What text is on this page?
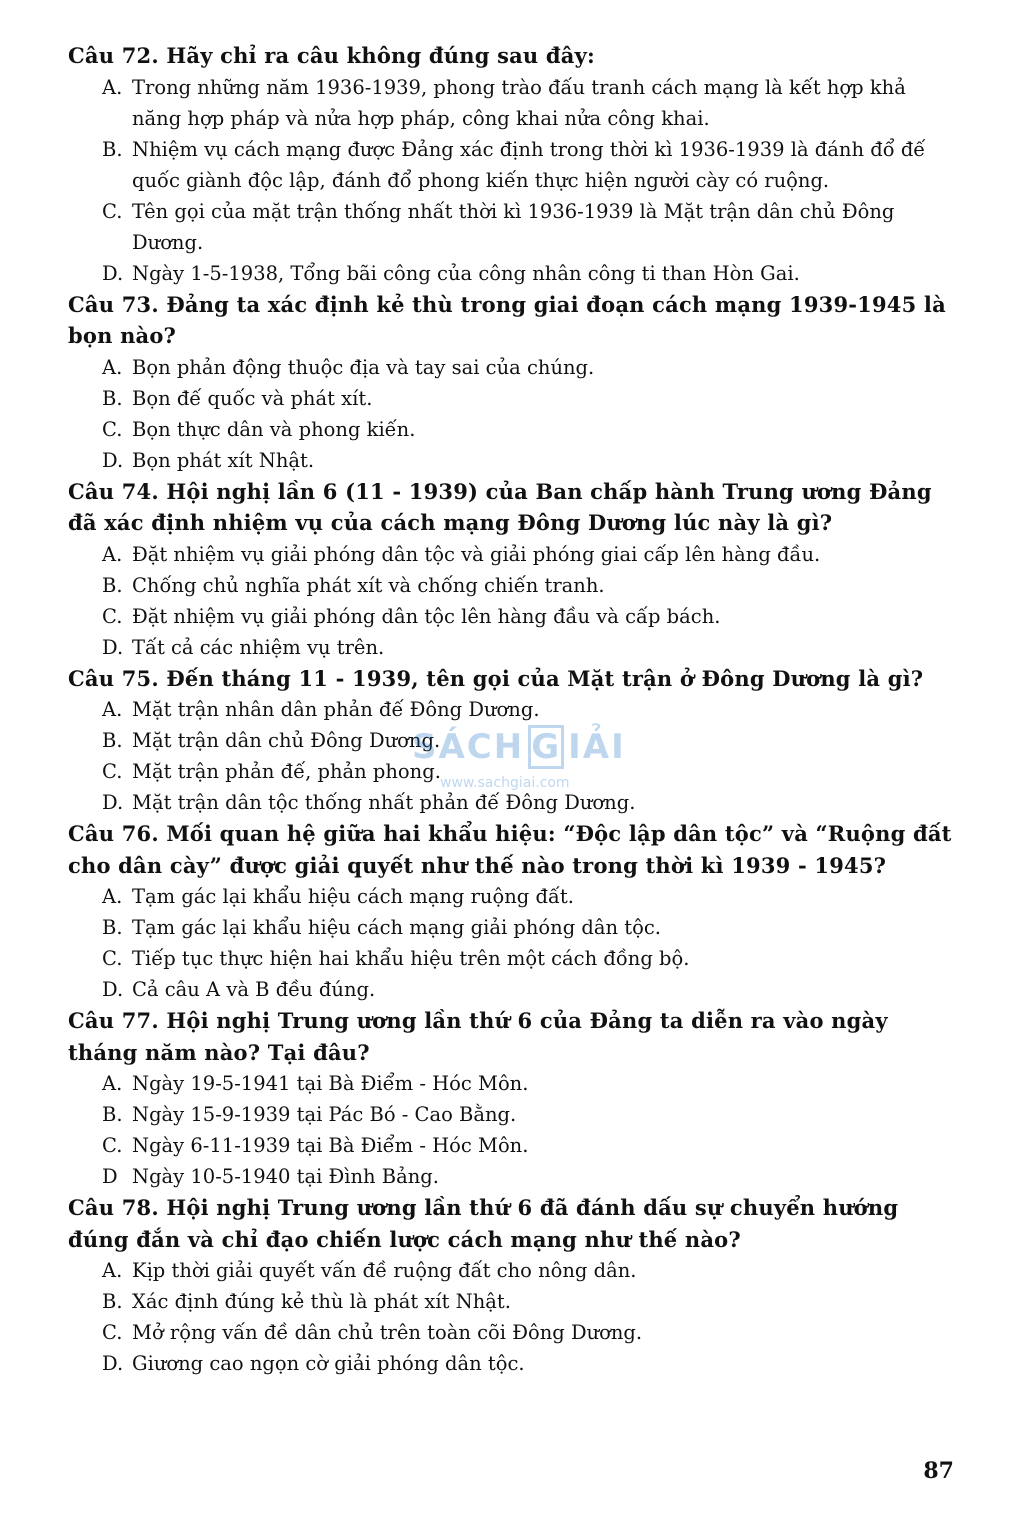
Câu 72. Hãy chỉ ra câu không đúng sau đây:

A. Trong những năm 1936-1939, phong trào đấu tranh cách mạng là kết hợp khả năng hợp pháp và nửa hợp pháp, công khai nửa công khai.
B. Nhiệm vụ cách mạng được Đảng xác định trong thời kì 1936-1939 là đánh đổ đế quốc giành độc lập, đánh đổ phong kiến thực hiện người cày có ruộng.
C. Tên gọi của mặt trận thống nhất thời kì 1936-1939 là Mặt trận dân chủ Đông Dương.
D. Ngày 1-5-1938, Tổng bãi công của công nhân công ti than Hòn Gai.

Câu 73. Đảng ta xác định kẻ thù trong giai đoạn cách mạng 1939-1945 là bọn nào?

A. Bọn phản động thuộc địa và tay sai của chúng.
B. Bọn đế quốc và phát xít.
C. Bọn thực dân và phong kiến.
D. Bọn phát xít Nhật.

Câu 74. Hội nghị lần 6 (11 - 1939) của Ban chấp hành Trung ương Đảng đã xác định nhiệm vụ của cách mạng Đông Dương lúc này là gì?

A. Đặt nhiệm vụ giải phóng dân tộc và giải phóng giai cấp lên hàng đầu.
B. Chống chủ nghĩa phát xít và chống chiến tranh.
C. Đặt nhiệm vụ giải phóng dân tộc lên hàng đầu và cấp bách.
D. Tất cả các nhiệm vụ trên.

Câu 75. Đến tháng 11 - 1939, tên gọi của Mặt trận ở Đông Dương là gì?

A. Mặt trận nhân dân phản đế Đông Dương.
B. Mặt trận dân chủ Đông Dương.
C. Mặt trận phản đế, phản phong.
D. Mặt trận dân tộc thống nhất phản đế Đông Dương.

Câu 76. Mối quan hệ giữa hai khẩu hiệu: “Độc lập dân tộc” và “Ruộng đất cho dân cày” được giải quyết như thế nào trong thời kì 1939 - 1945?

A. Tạm gác lại khẩu hiệu cách mạng ruộng đất.
B. Tạm gác lại khẩu hiệu cách mạng giải phóng dân tộc.
C. Tiếp tục thực hiện hai khẩu hiệu trên một cách đồng bộ.
D. Cả câu A và B đều đúng.

Câu 77. Hội nghị Trung ương lần thứ 6 của Đảng ta diễn ra vào ngày tháng năm nào? Tại đâu?

A. Ngày 19-5-1941 tại Bà Điểm - Hóc Môn.
B. Ngày 15-9-1939 tại Pác Bó - Cao Bằng.
C. Ngày 6-11-1939 tại Bà Điểm - Hóc Môn.
D Ngày 10-5-1940 tại Đình Bảng.

Câu 78. Hội nghị Trung ương lần thứ 6 đã đánh dấu sự chuyển hướng đúng đắn và chỉ đạo chiến lược cách mạng như thế nào?

A. Kịp thời giải quyết vấn đề ruộng đất cho nông dân.
B. Xác định đúng kẻ thù là phát xít Nhật.
C. Mở rộng vấn đề dân chủ trên toàn cõi Đông Dương.
D. Giương cao ngọn cờ giải phóng dân tộc.
SÁCH G IẢI
www.sachgiai.com
87
